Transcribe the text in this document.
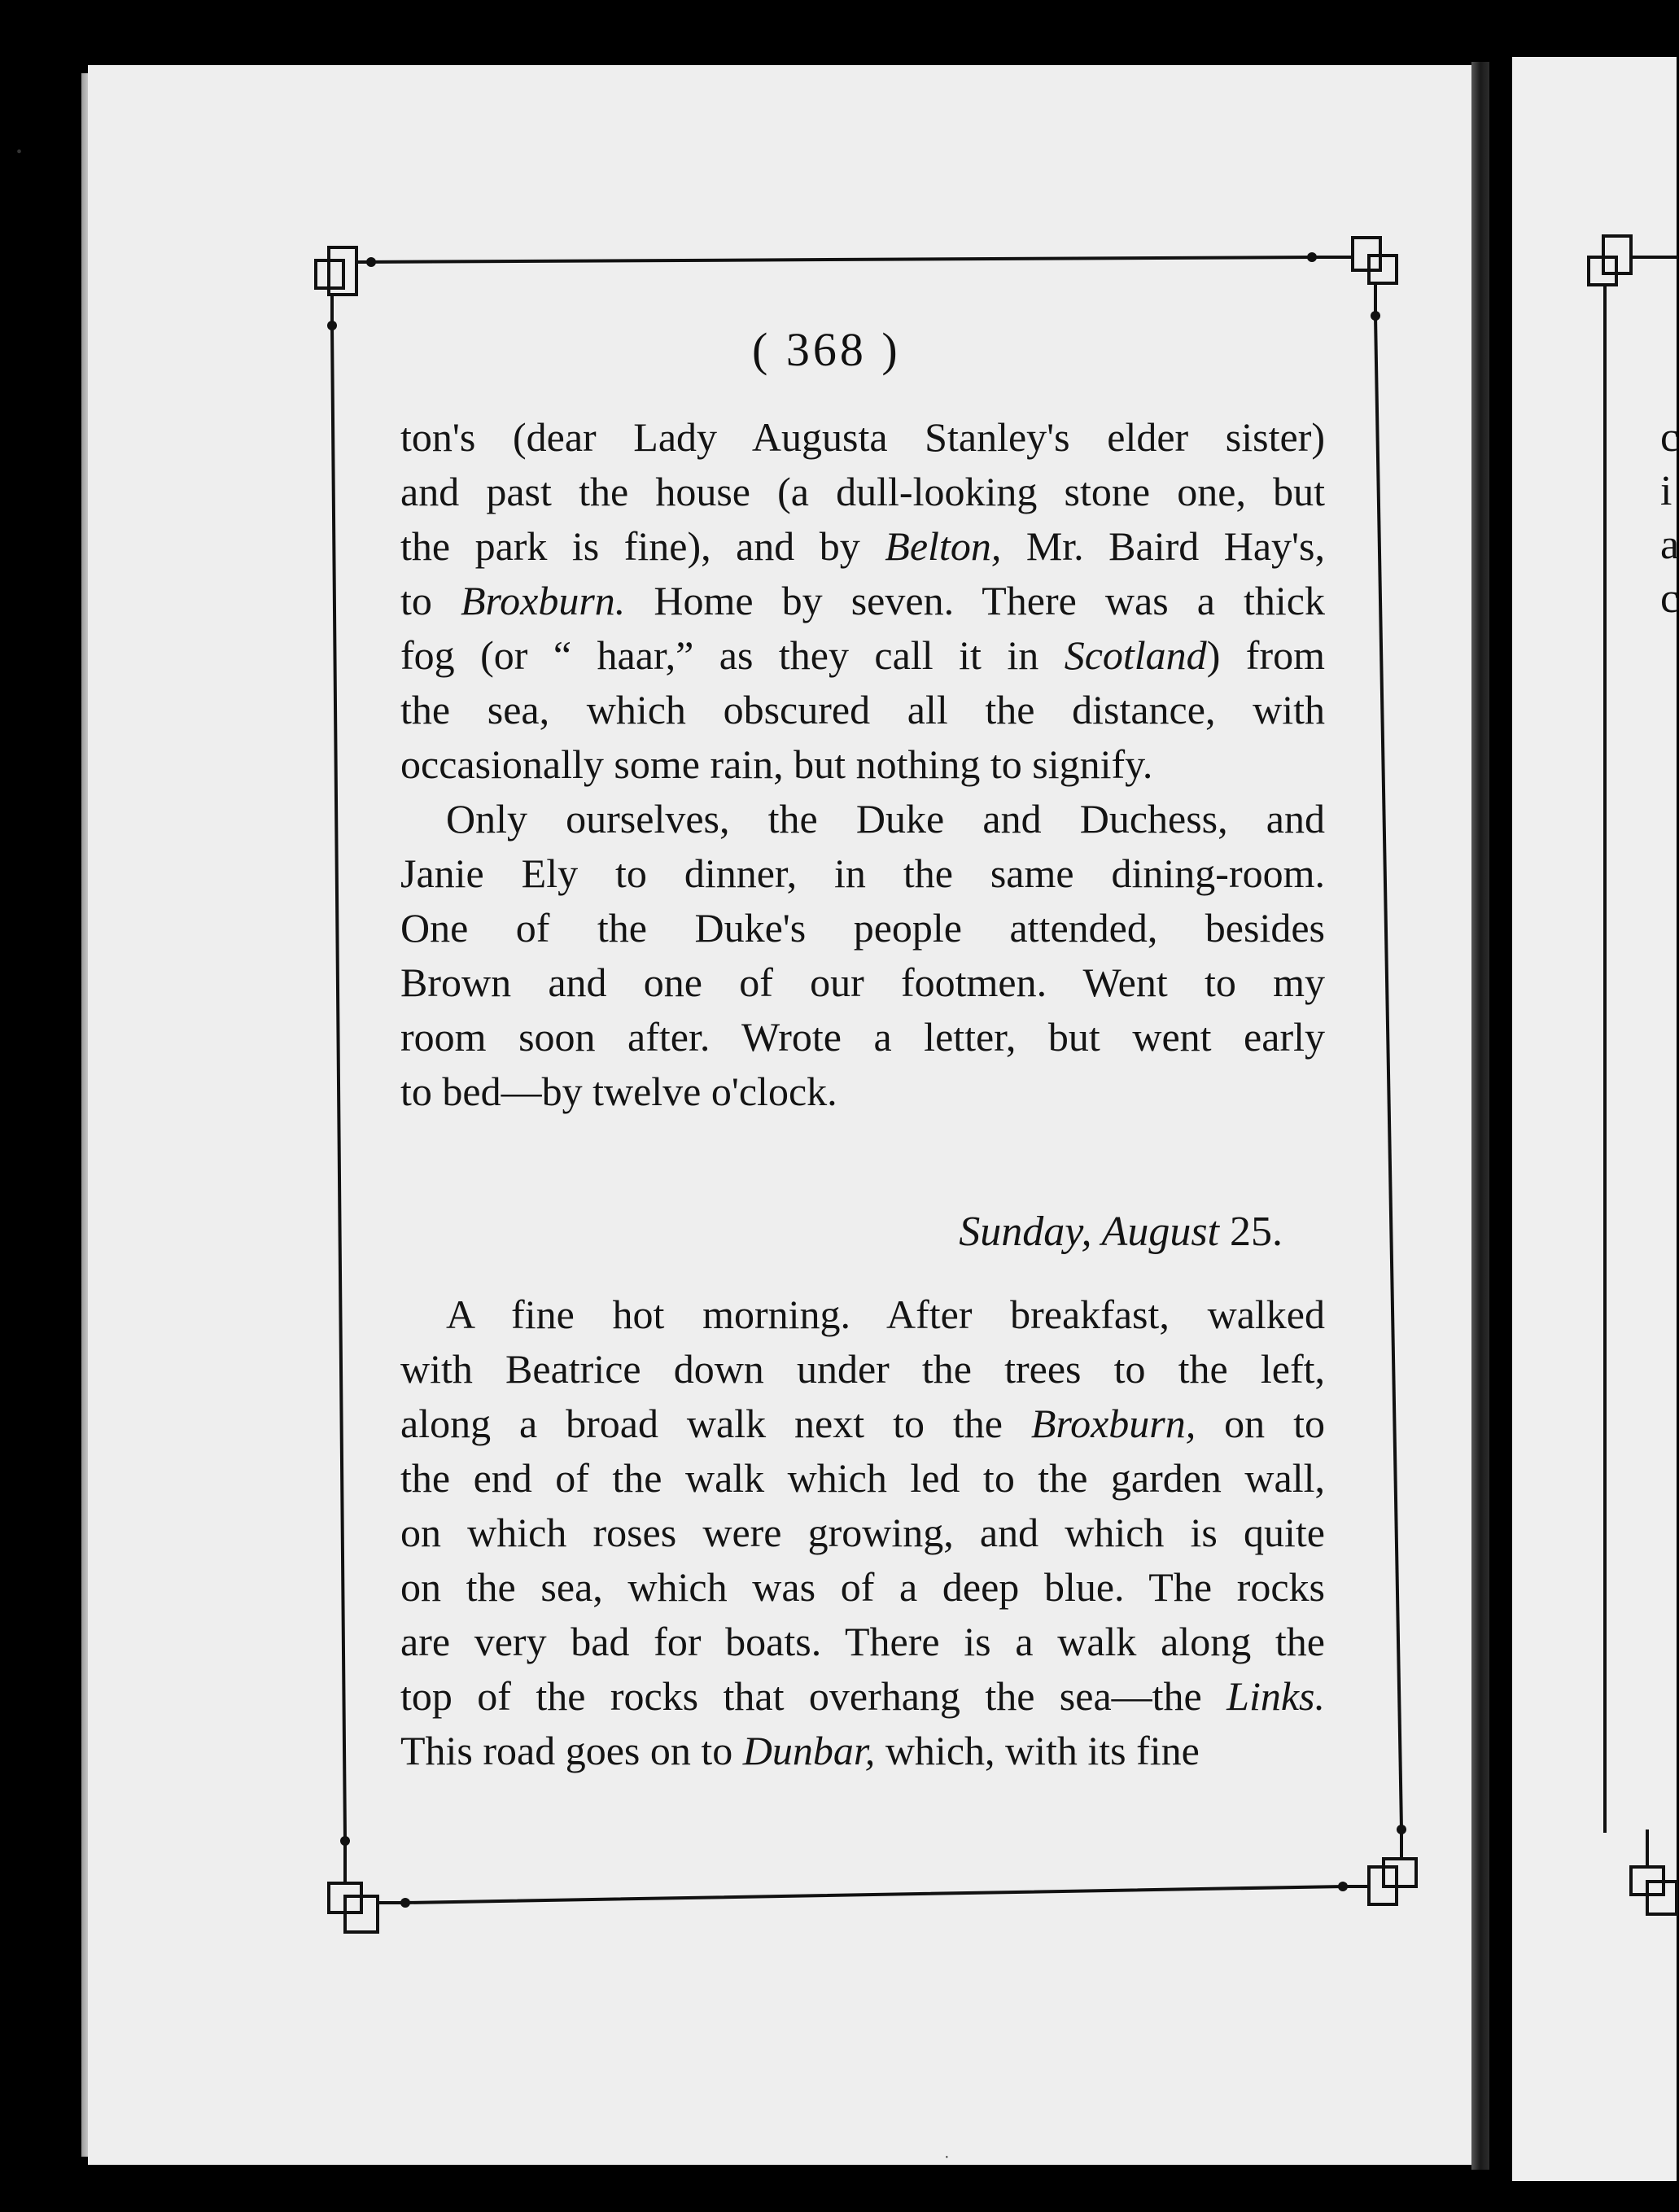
c
i
a
c
( 368 )
ton's (dear Lady Augusta Stanley's elder sister)
and past the house (a dull-looking stone one, but
the park is fine), and by Belton, Mr. Baird Hay's,
to Broxburn. Home by seven. There was a thick
fog (or “ haar,” as they call it in Scotland) from
the sea, which obscured all the distance, with
occasionally some rain, but nothing to signify.
Only ourselves, the Duke and Duchess, and
Janie Ely to dinner, in the same dining-room.
One of the Duke's people attended, besides
Brown and one of our footmen. Went to my
room soon after. Wrote a letter, but went early
to bed—by twelve o'clock.
Sunday, August 25.
A fine hot morning. After breakfast, walked
with Beatrice down under the trees to the left,
along a broad walk next to the Broxburn, on to
the end of the walk which led to the garden wall,
on which roses were growing, and which is quite
on the sea, which was of a deep blue. The rocks
are very bad for boats. There is a walk along the
top of the rocks that overhang the sea—the Links.
This road goes on to Dunbar, which, with its fine
•
·
